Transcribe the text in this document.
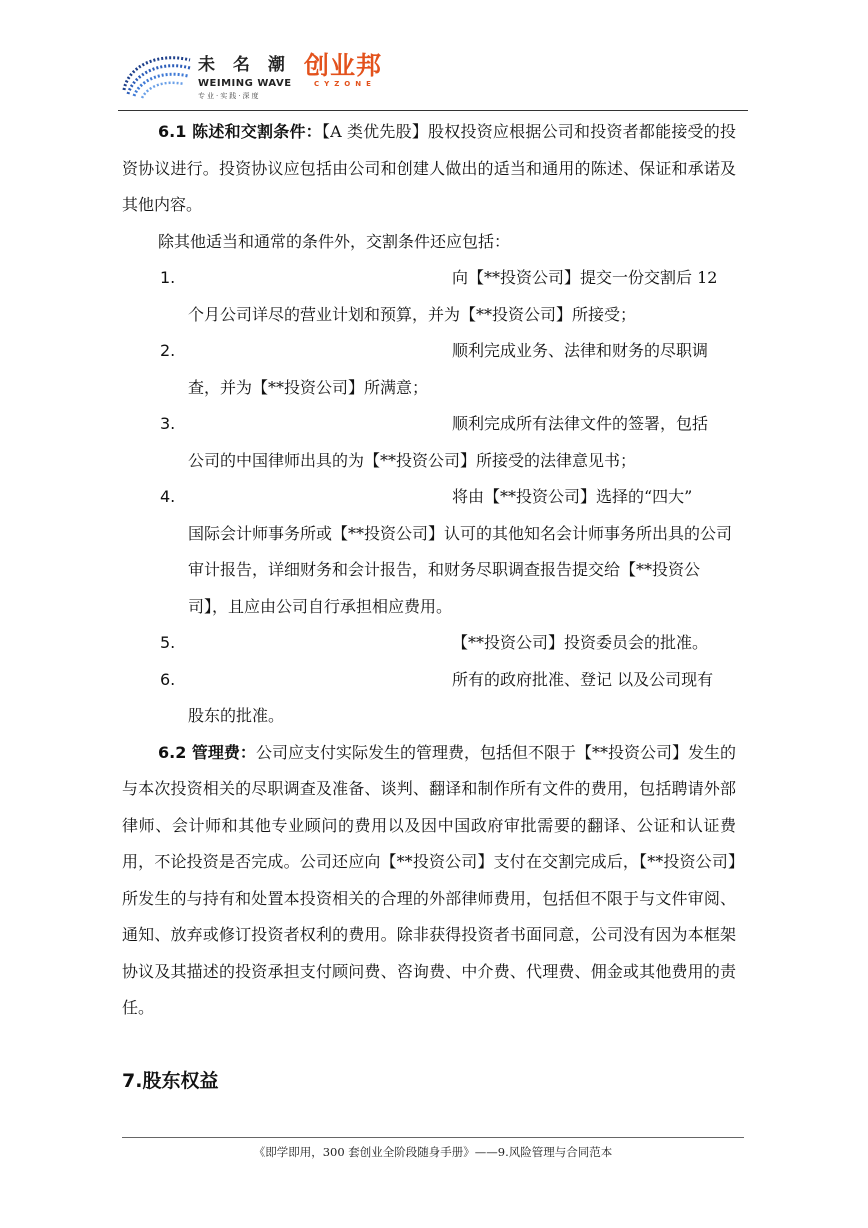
未 名 潮
WEIMING WAVE
专业·实践·深度
创业邦
CYZONE

6.1 陈述和交割条件：【A 类优先股】股权投资应根据公司和投资者都能接受的投资协议进行。投资协议应包括由公司和创建人做出的适当和通用的陈述、保证和承诺及其他内容。

除其他适当和通常的条件外，交割条件还应包括：

1.	向【**投资公司】提交一份交割后 12
个月公司详尽的营业计划和预算，并为【**投资公司】所接受；
2.	顺利完成业务、法律和财务的尽职调
查，并为【**投资公司】所满意；
3.	顺利完成所有法律文件的签署，包括
公司的中国律师出具的为【**投资公司】所接受的法律意见书；
4.	将由【**投资公司】选择的“四大”
国际会计师事务所或【**投资公司】认可的其他知名会计师事务所出具的公司审计报告，详细财务和会计报告，和财务尽职调查报告提交给【**投资公司】，且应由公司自行承担相应费用。
5.	【**投资公司】投资委员会的批准。
6.	所有的政府批准、登记 以及公司现有
股东的批准。

6.2 管理费：公司应支付实际发生的管理费，包括但不限于【**投资公司】发生的与本次投资相关的尽职调查及准备、谈判、翻译和制作所有文件的费用，包括聘请外部律师、会计师和其他专业顾问的费用以及因中国政府审批需要的翻译、公证和认证费用，不论投资是否完成。公司还应向【**投资公司】支付在交割完成后，【**投资公司】所发生的与持有和处置本投资相关的合理的外部律师费用，包括但不限于与文件审阅、通知、放弃或修订投资者权利的费用。除非获得投资者书面同意，公司没有因为本框架协议及其描述的投资承担支付顾问费、咨询费、中介费、代理费、佣金或其他费用的责任。

7.股东权益
《即学即用，300 套创业全阶段随身手册》——9.风险管理与合同范本
